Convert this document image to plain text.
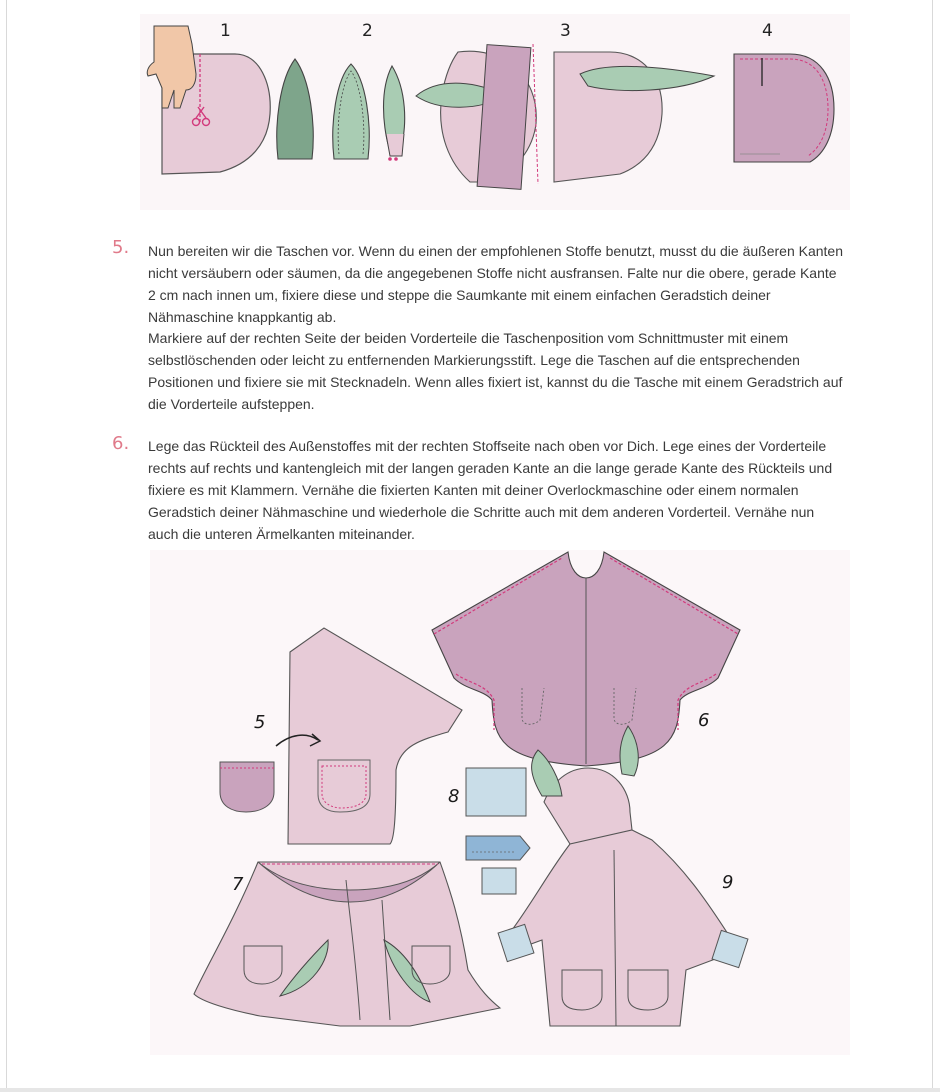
1	2	3	4
5. Nun bereiten wir die Taschen vor. Wenn du einen der empfohlenen Stoffe benutzt, musst du die äußeren Kanten nicht versäubern oder säumen, da die angegebenen Stoffe nicht ausfransen. Falte nur die obere, gerade Kante 2 cm nach innen um, fixiere diese und steppe die Saumkante mit einem einfachen Geradstich deiner Nähmaschine knappkantig ab.

Markiere auf der rechten Seite der beiden Vorderteile die Taschenposition vom Schnittmuster mit einem selbstlöschenden oder leicht zu entfernenden Markierungsstift. Lege die Taschen auf die entsprechenden Positionen und fixiere sie mit Stecknadeln. Wenn alles fixiert ist, kannst du die Tasche mit einem Geradstrich auf die Vorderteile aufsteppen.

6. Lege das Rückteil des Außenstoffes mit der rechten Stoffseite nach oben vor Dich. Lege eines der Vorderteile rechts auf rechts und kantengleich mit der langen geraden Kante an die lange gerade Kante des Rückteils und fixiere es mit Klammern. Vernähe die fixierten Kanten mit deiner Overlockmaschine oder einem normalen Geradstich deiner Nähmaschine und wiederhole die Schritte auch mit dem anderen Vorderteil. Vernähe nun auch die unteren Ärmelkanten miteinander.

6
5
8
7	9
